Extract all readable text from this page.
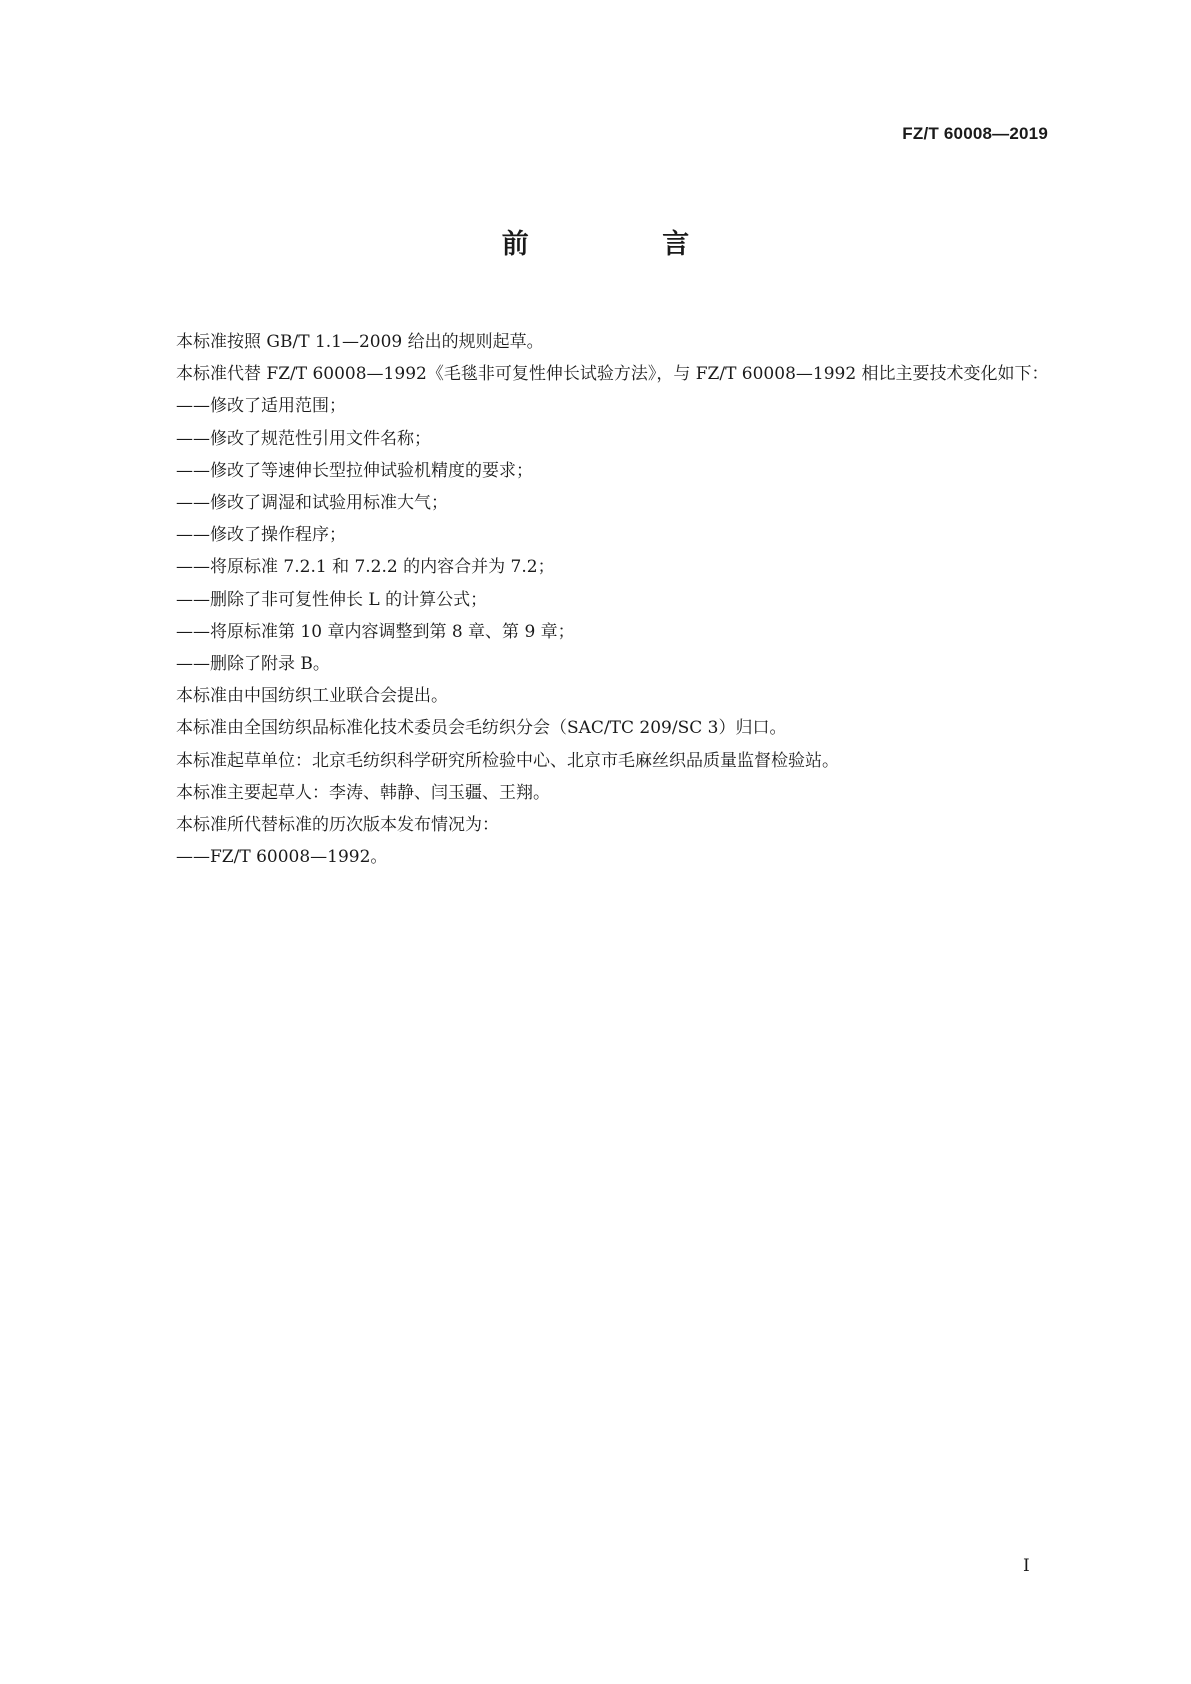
FZ/T 60008—2019
前 言

本标准按照 GB/T 1.1—2009 给出的规则起草。

本标准代替 FZ/T 60008—1992《毛毯非可复性伸长试验方法》，与 FZ/T 60008—1992 相比主要技术变化如下：

——修改了适用范围；

——修改了规范性引用文件名称；

——修改了等速伸长型拉伸试验机精度的要求；

——修改了调湿和试验用标准大气；

——修改了操作程序；

——将原标准 7.2.1 和 7.2.2 的内容合并为 7.2；

——删除了非可复性伸长 L 的计算公式；

——将原标准第 10 章内容调整到第 8 章、第 9 章；

——删除了附录 B。

本标准由中国纺织工业联合会提出。

本标准由全国纺织品标准化技术委员会毛纺织分会（SAC/TC 209/SC 3）归口。

本标准起草单位：北京毛纺织科学研究所检验中心、北京市毛麻丝织品质量监督检验站。

本标准主要起草人：李涛、韩静、闫玉疆、王翔。

本标准所代替标准的历次版本发布情况为：

——FZ/T 60008—1992。

I
